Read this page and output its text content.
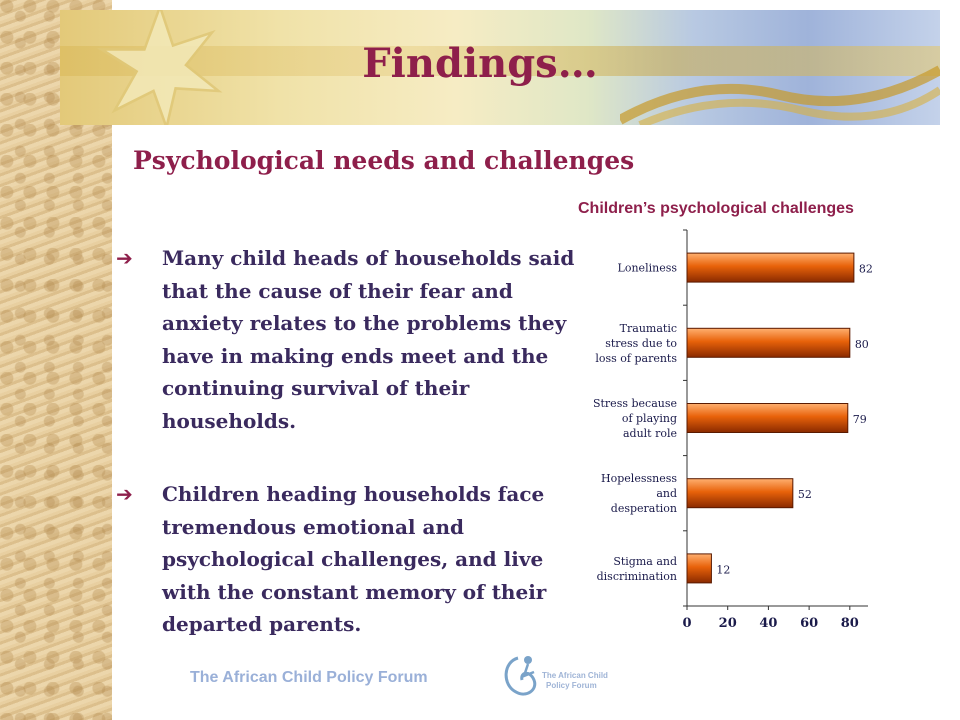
Findings…
Psychological needs and challenges
➔ Many child heads of households said that the cause of their fear and anxiety relates to the problems they have in making ends meet and the continuing survival of their households.
➔ Children heading households face tremendous emotional and psychological challenges, and live with the constant memory of their departed parents.
Children’s psychological challenges
0 20 40 60 80
82
Loneliness
80
Traumatic
stress due to
loss of parents
79
Stress because
of playing
adult role
52
Hopelessness
and
desperation
12
Stigma and
discrimination
The African Child Policy Forum	The African Child
Policy Forum
